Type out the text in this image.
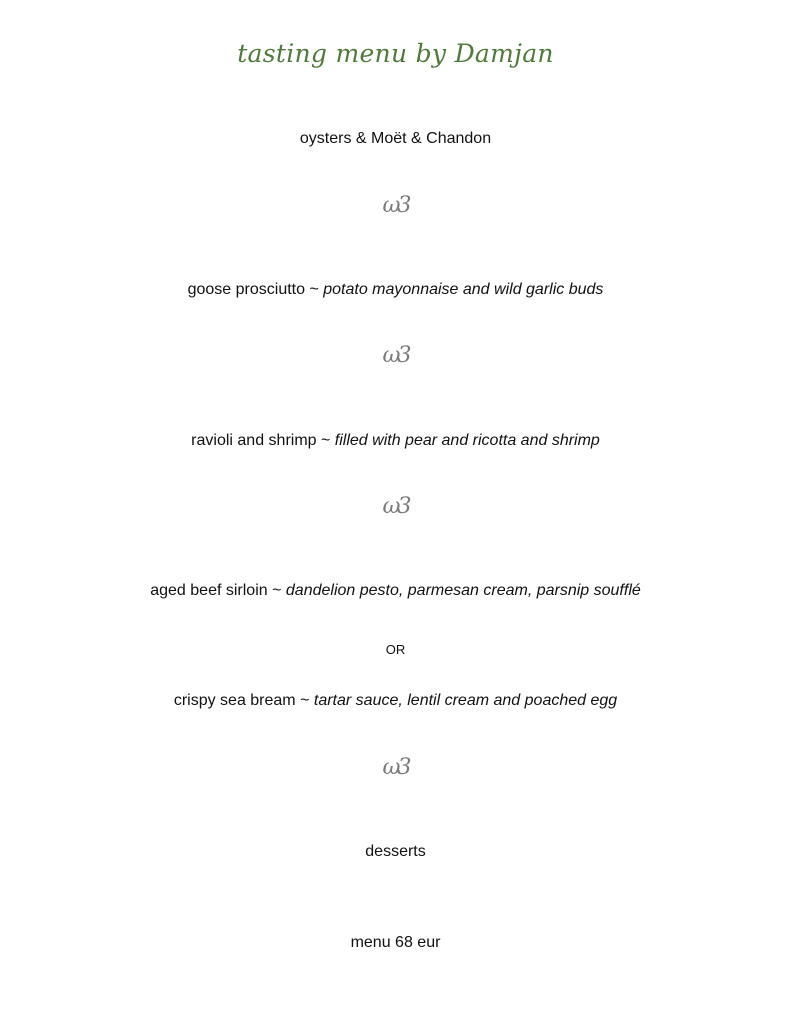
tasting menu by Damjan
oysters & Moët & Chandon
ω3
goose prosciutto ~ potato mayonnaise and wild garlic buds
ω3
ravioli and shrimp ~ filled with pear and ricotta and shrimp
ω3
aged beef sirloin ~ dandelion pesto, parmesan cream, parsnip soufflé
OR
crispy sea bream ~ tartar sauce, lentil cream and poached egg
ω3
desserts
menu 68 eur
